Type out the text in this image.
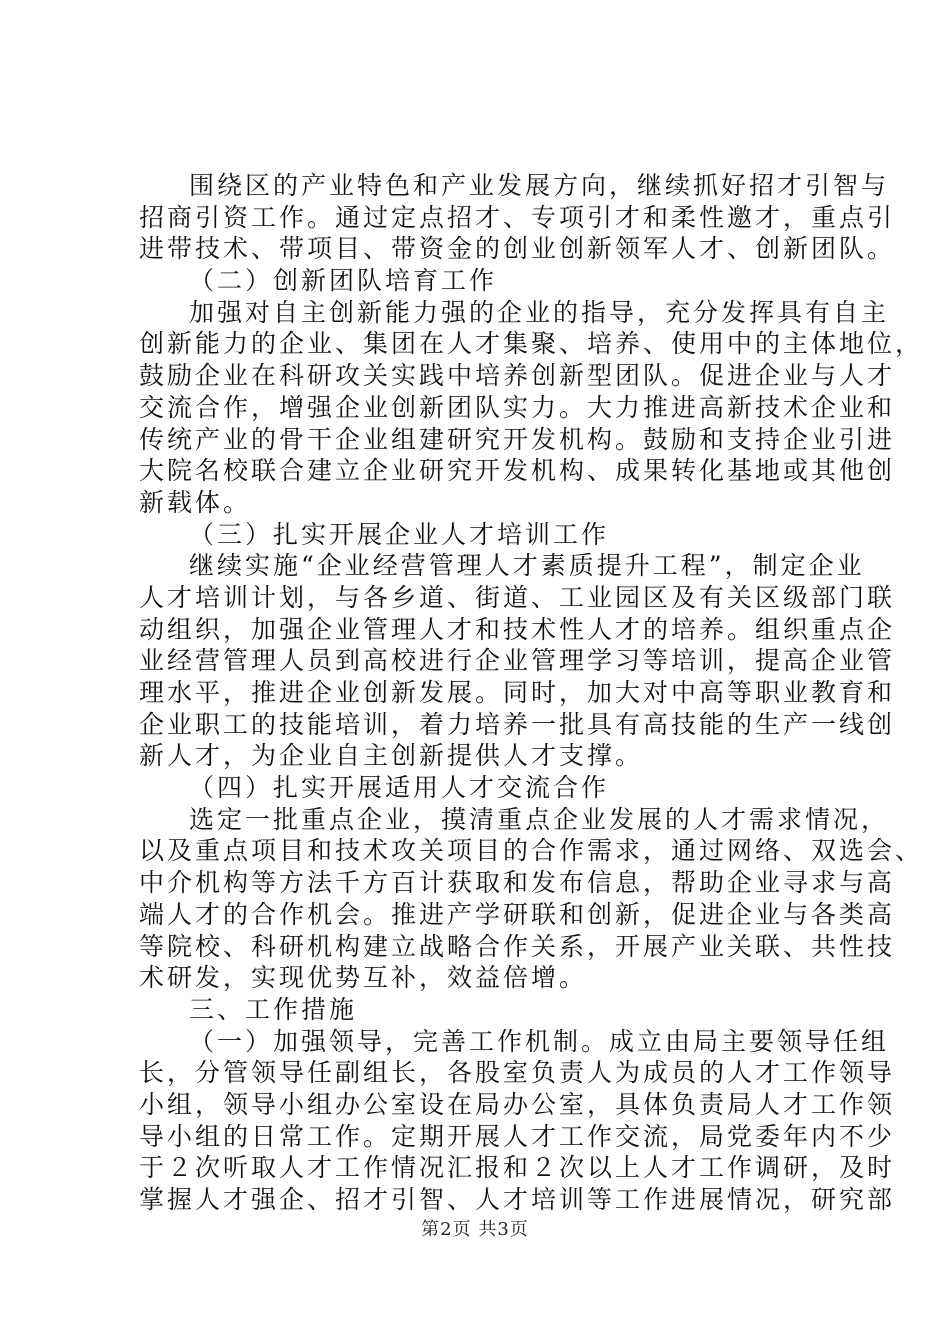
围绕区的产业特色和产业发展方向，继续抓好招才引智与
招商引资工作。通过定点招才、专项引才和柔性邀才，重点引
进带技术、带项目、带资金的创业创新领军人才、创新团队。
（二）创新团队培育工作
加强对自主创新能力强的企业的指导，充分发挥具有自主
创新能力的企业、集团在人才集聚、培养、使用中的主体地位，
鼓励企业在科研攻关实践中培养创新型团队。促进企业与人才
交流合作，增强企业创新团队实力。大力推进高新技术企业和
传统产业的骨干企业组建研究开发机构。鼓励和支持企业引进
大院名校联合建立企业研究开发机构、成果转化基地或其他创
新载体。
（三）扎实开展企业人才培训工作
继续实施“企业经营管理人才素质提升工程”，制定企业
人才培训计划，与各乡道、街道、工业园区及有关区级部门联
动组织，加强企业管理人才和技术性人才的培养。组织重点企
业经营管理人员到高校进行企业管理学习等培训，提高企业管
理水平，推进企业创新发展。同时，加大对中高等职业教育和
企业职工的技能培训，着力培养一批具有高技能的生产一线创
新人才，为企业自主创新提供人才支撑。
（四）扎实开展适用人才交流合作
选定一批重点企业，摸清重点企业发展的人才需求情况，
以及重点项目和技术攻关项目的合作需求，通过网络、双选会、
中介机构等方法千方百计获取和发布信息，帮助企业寻求与高
端人才的合作机会。推进产学研联和创新，促进企业与各类高
等院校、科研机构建立战略合作关系，开展产业关联、共性技
术研发，实现优势互补，效益倍增。
三、工作措施
（一）加强领导，完善工作机制。成立由局主要领导任组
长，分管领导任副组长，各股室负责人为成员的人才工作领导
小组，领导小组办公室设在局办公室，具体负责局人才工作领
导小组的日常工作。定期开展人才工作交流，局党委年内不少
于２次听取人才工作情况汇报和２次以上人才工作调研，及时
掌握人才强企、招才引智、人才培训等工作进展情况，研究部
第2页 共3页
